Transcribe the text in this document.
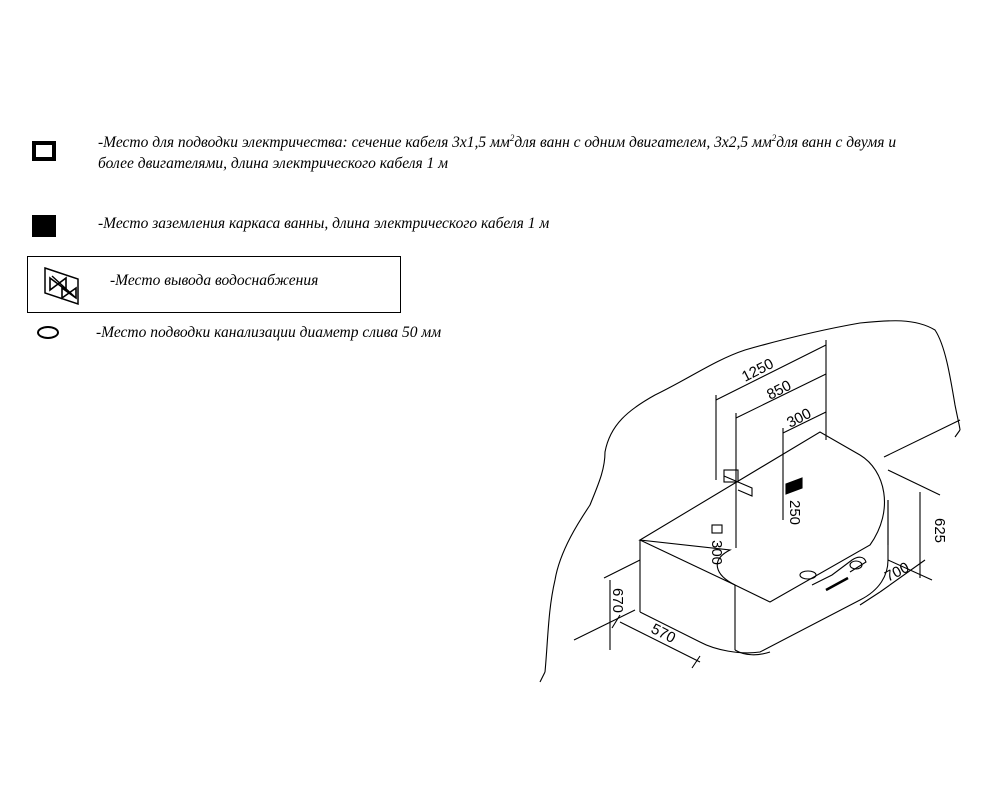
-Место для подводки электричества: сечение кабеля 3х1,5 $мм^2для$ ванн с одним двигателем, 3х2,5 $мм^2для$ ванн с двумя и
более двигателями, длина электрического кабеля 1 м
-Место заземления каркаса ванны, длина электрического кабеля 1 м
-Место вывода водоснабжения
-Место подводки канализации диаметр слива 50 мм
1250
850
300
250
300
625
700
670
570
